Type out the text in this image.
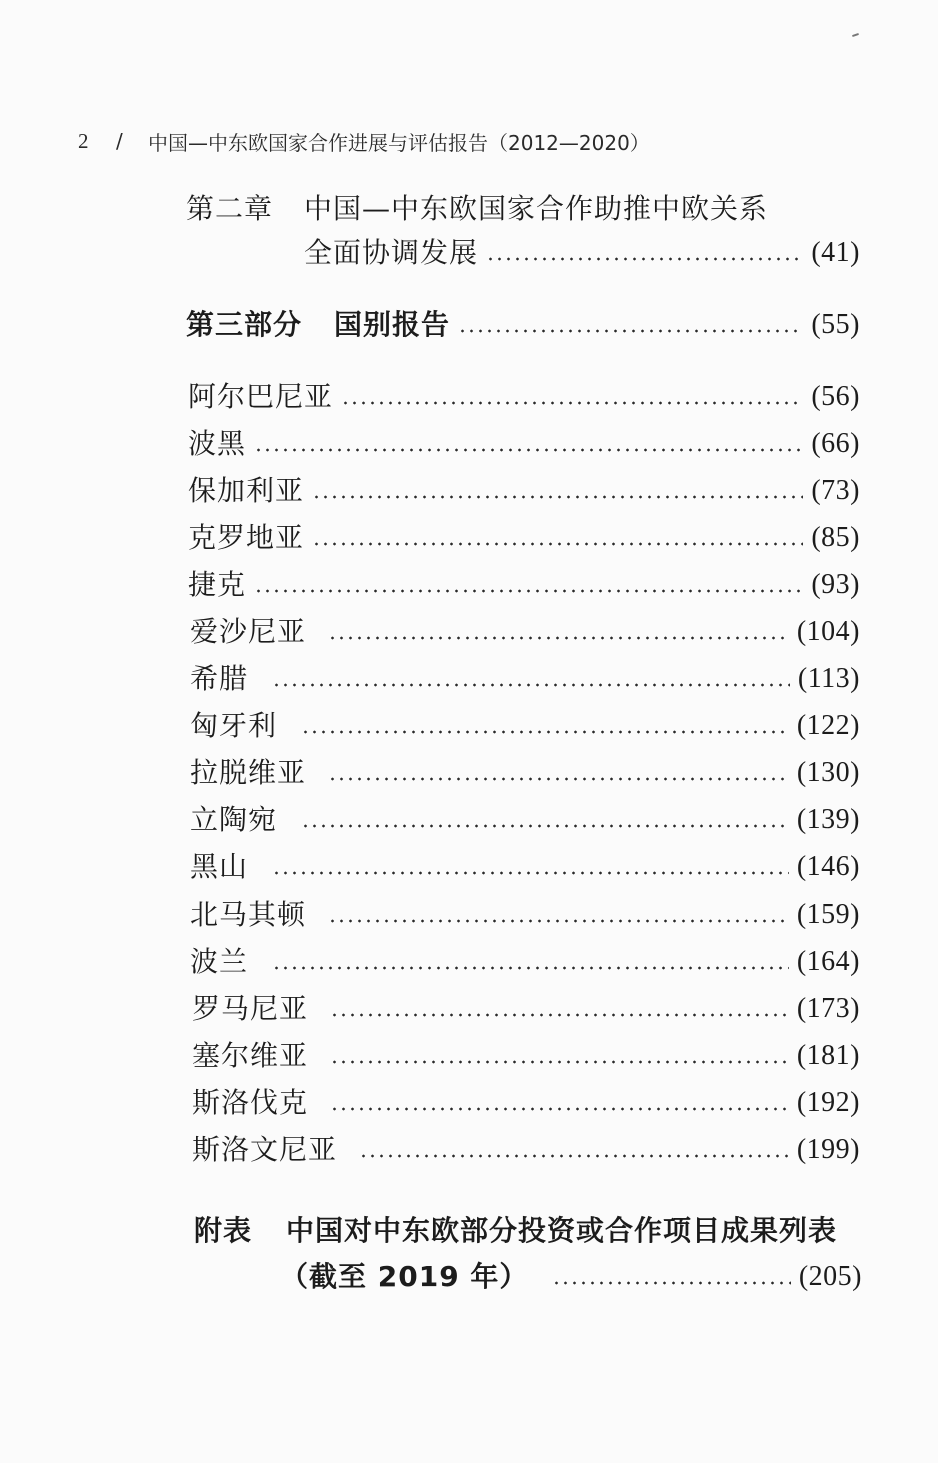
2	/	中国—中东欧国家合作进展与评估报告（2012—2020）
第二章 中国—中东欧国家合作助推中欧关系
全面协调发展	(41)
第三部分 国别报告	(55)
阿尔巴尼亚	(56)
波黑	(66)
保加利亚	(73)
克罗地亚	(85)
捷克	(93)
爱沙尼亚	(104)
希腊	(113)
匈牙利	(122)
拉脱维亚	(130)
立陶宛	(139)
黑山	(146)
北马其顿	(159)
波兰	(164)
罗马尼亚	(173)
塞尔维亚	(181)
斯洛伐克	(192)
斯洛文尼亚	(199)
附表 中国对中东欧部分投资或合作项目成果列表
（截至 2019 年）	(205)
